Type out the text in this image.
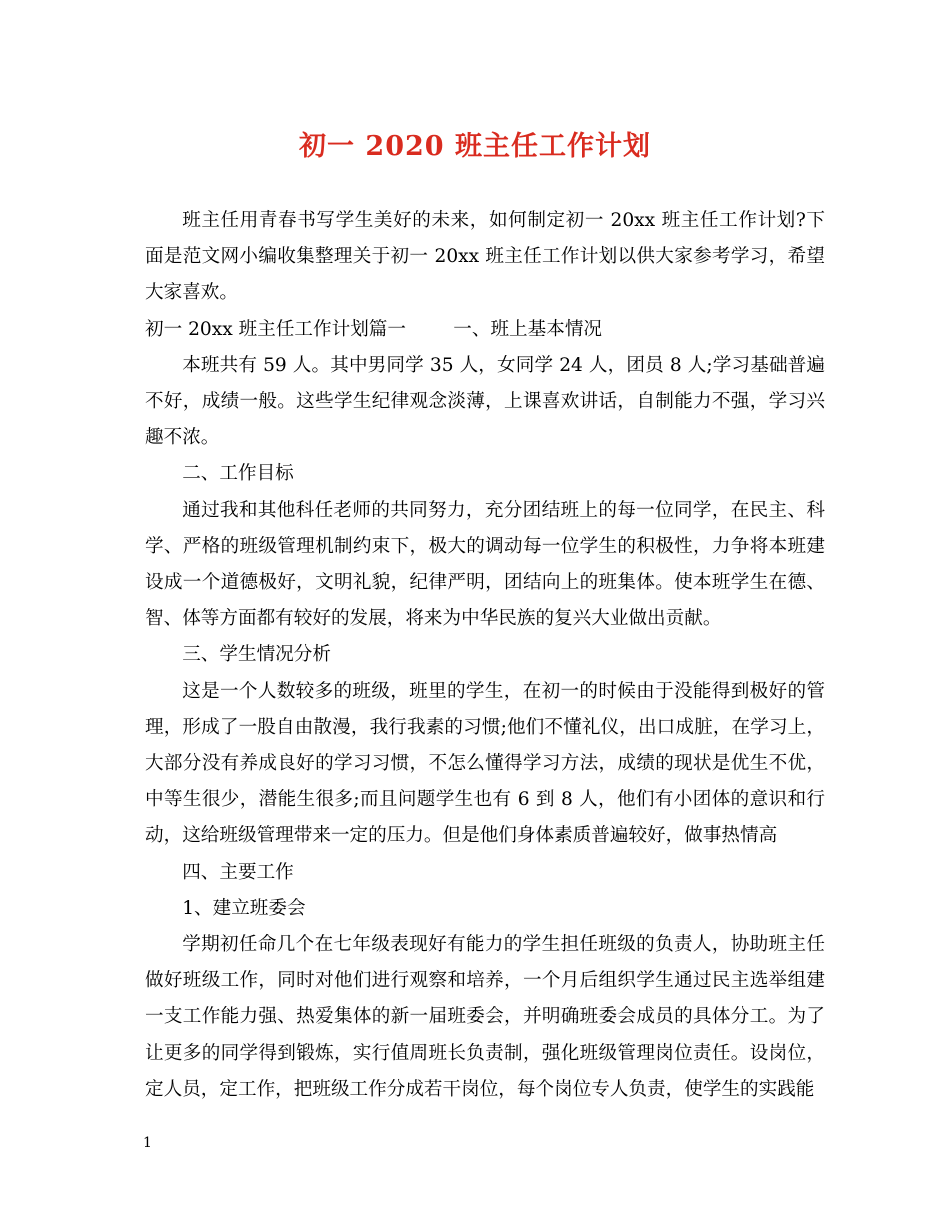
初一 2020 班主任工作计划

班主任用青春书写学生美好的未来，如何制定初一 20xx 班主任工作计划?下面是范文网小编收集整理关于初一 20xx 班主任工作计划以供大家参考学习，希望大家喜欢。

初一 20xx 班主任工作计划篇一        一、班上基本情况

本班共有 59 人。其中男同学 35 人，女同学 24 人，团员 8 人;学习基础普遍不好，成绩一般。这些学生纪律观念淡薄，上课喜欢讲话，自制能力不强，学习兴趣不浓。

二、工作目标

通过我和其他科任老师的共同努力，充分团结班上的每一位同学，在民主、科学、严格的班级管理机制约束下，极大的调动每一位学生的积极性，力争将本班建设成一个道德极好，文明礼貌，纪律严明，团结向上的班集体。使本班学生在德、智、体等方面都有较好的发展，将来为中华民族的复兴大业做出贡献。

三、学生情况分析

这是一个人数较多的班级，班里的学生，在初一的时候由于没能得到极好的管理，形成了一股自由散漫，我行我素的习惯;他们不懂礼仪，出口成脏，在学习上，大部分没有养成良好的学习习惯，不怎么懂得学习方法，成绩的现状是优生不优，中等生很少，潜能生很多;而且问题学生也有 6 到 8 人，他们有小团体的意识和行动，这给班级管理带来一定的压力。但是他们身体素质普遍较好，做事热情高

四、主要工作

1、建立班委会

学期初任命几个在七年级表现好有能力的学生担任班级的负责人，协助班主任做好班级工作，同时对他们进行观察和培养，一个月后组织学生通过民主选举组建一支工作能力强、热爱集体的新一届班委会，并明确班委会成员的具体分工。为了让更多的同学得到锻炼，实行值周班长负责制，强化班级管理岗位责任。设岗位，定人员，定工作，把班级工作分成若干岗位，每个岗位专人负责，使学生的实践能

1
